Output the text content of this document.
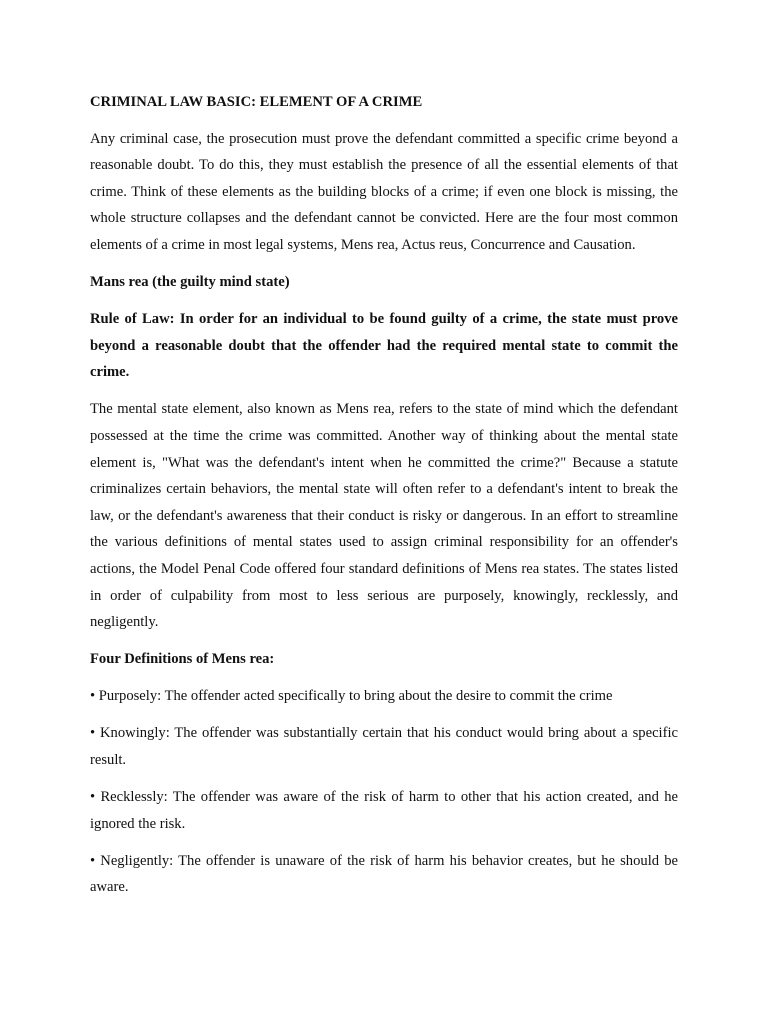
CRIMINAL LAW BASIC: ELEMENT OF A CRIME

Any criminal case, the prosecution must prove the defendant committed a specific crime beyond a reasonable doubt. To do this, they must establish the presence of all the essential elements of that crime. Think of these elements as the building blocks of a crime; if even one block is missing, the whole structure collapses and the defendant cannot be convicted. Here are the four most common elements of a crime in most legal systems, Mens rea, Actus reus, Concurrence and Causation.

Mans rea (the guilty mind state)

Rule of Law: In order for an individual to be found guilty of a crime, the state must prove beyond a reasonable doubt that the offender had the required mental state to commit the crime.

The mental state element, also known as Mens rea, refers to the state of mind which the defendant possessed at the time the crime was committed. Another way of thinking about the mental state element is, "What was the defendant's intent when he committed the crime?" Because a statute criminalizes certain behaviors, the mental state will often refer to a defendant's intent to break the law, or the defendant's awareness that their conduct is risky or dangerous. In an effort to streamline the various definitions of mental states used to assign criminal responsibility for an offender's actions, the Model Penal Code offered four standard definitions of Mens rea states. The states listed in order of culpability from most to less serious are purposely, knowingly, recklessly, and negligently.

Four Definitions of Mens rea:

• Purposely: The offender acted specifically to bring about the desire to commit the crime

• Knowingly: The offender was substantially certain that his conduct would bring about a specific result.

• Recklessly: The offender was aware of the risk of harm to other that his action created, and he ignored the risk.

• Negligently: The offender is unaware of the risk of harm his behavior creates, but he should be aware.
